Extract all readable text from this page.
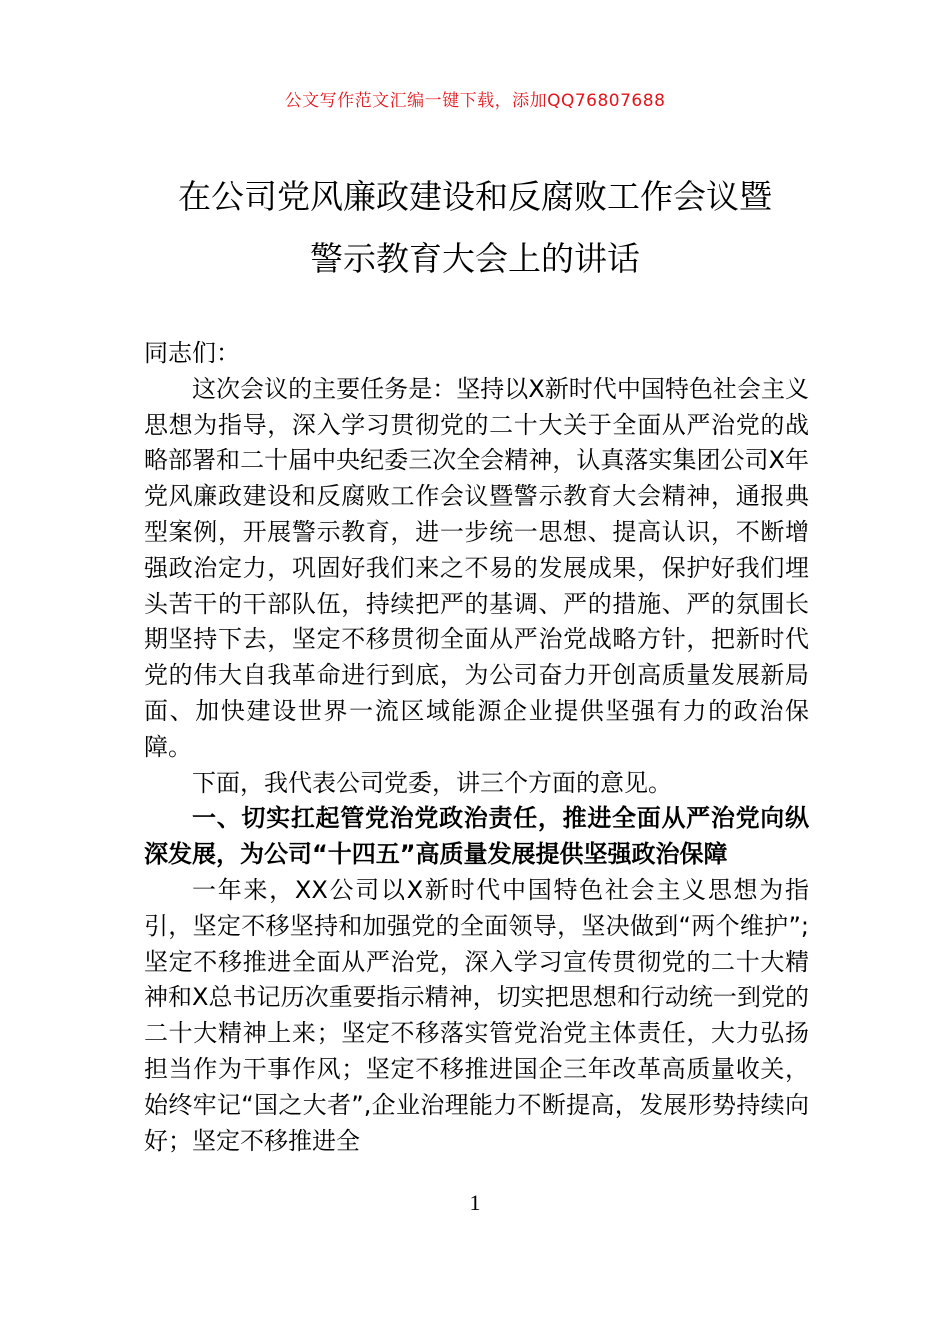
公文写作范文汇编一键下载，添加QQ76807688
在公司党风廉政建设和反腐败工作会议暨
警示教育大会上的讲话

同志们：

这次会议的主要任务是：坚持以X新时代中国特色社会主义思想为指导，深入学习贯彻党的二十大关于全面从严治党的战略部署和二十届中央纪委三次全会精神，认真落实集团公司X年党风廉政建设和反腐败工作会议暨警示教育大会精神，通报典型案例，开展警示教育，进一步统一思想、提高认识，不断增强政治定力，巩固好我们来之不易的发展成果，保护好我们埋头苦干的干部队伍，持续把严的基调、严的措施、严的氛围长期坚持下去，坚定不移贯彻全面从严治党战略方针，把新时代党的伟大自我革命进行到底，为公司奋力开创高质量发展新局面、加快建设世界一流区域能源企业提供坚强有力的政治保障。

下面，我代表公司党委，讲三个方面的意见。

一、切实扛起管党治党政治责任，推进全面从严治党向纵深发展，为公司“十四五”高质量发展提供坚强政治保障

一年来，XX公司以X新时代中国特色社会主义思想为指引，坚定不移坚持和加强党的全面领导，坚决做到“两个维护”;坚定不移推进全面从严治党，深入学习宣传贯彻党的二十大精神和X总书记历次重要指示精神，切实把思想和行动统一到党的二十大精神上来；坚定不移落实管党治党主体责任，大力弘扬担当作为干事作风；坚定不移推进国企三年改革高质量收关，始终牢记“国之大者”,企业治理能力不断提高，发展形势持续向好；坚定不移推进全

1
